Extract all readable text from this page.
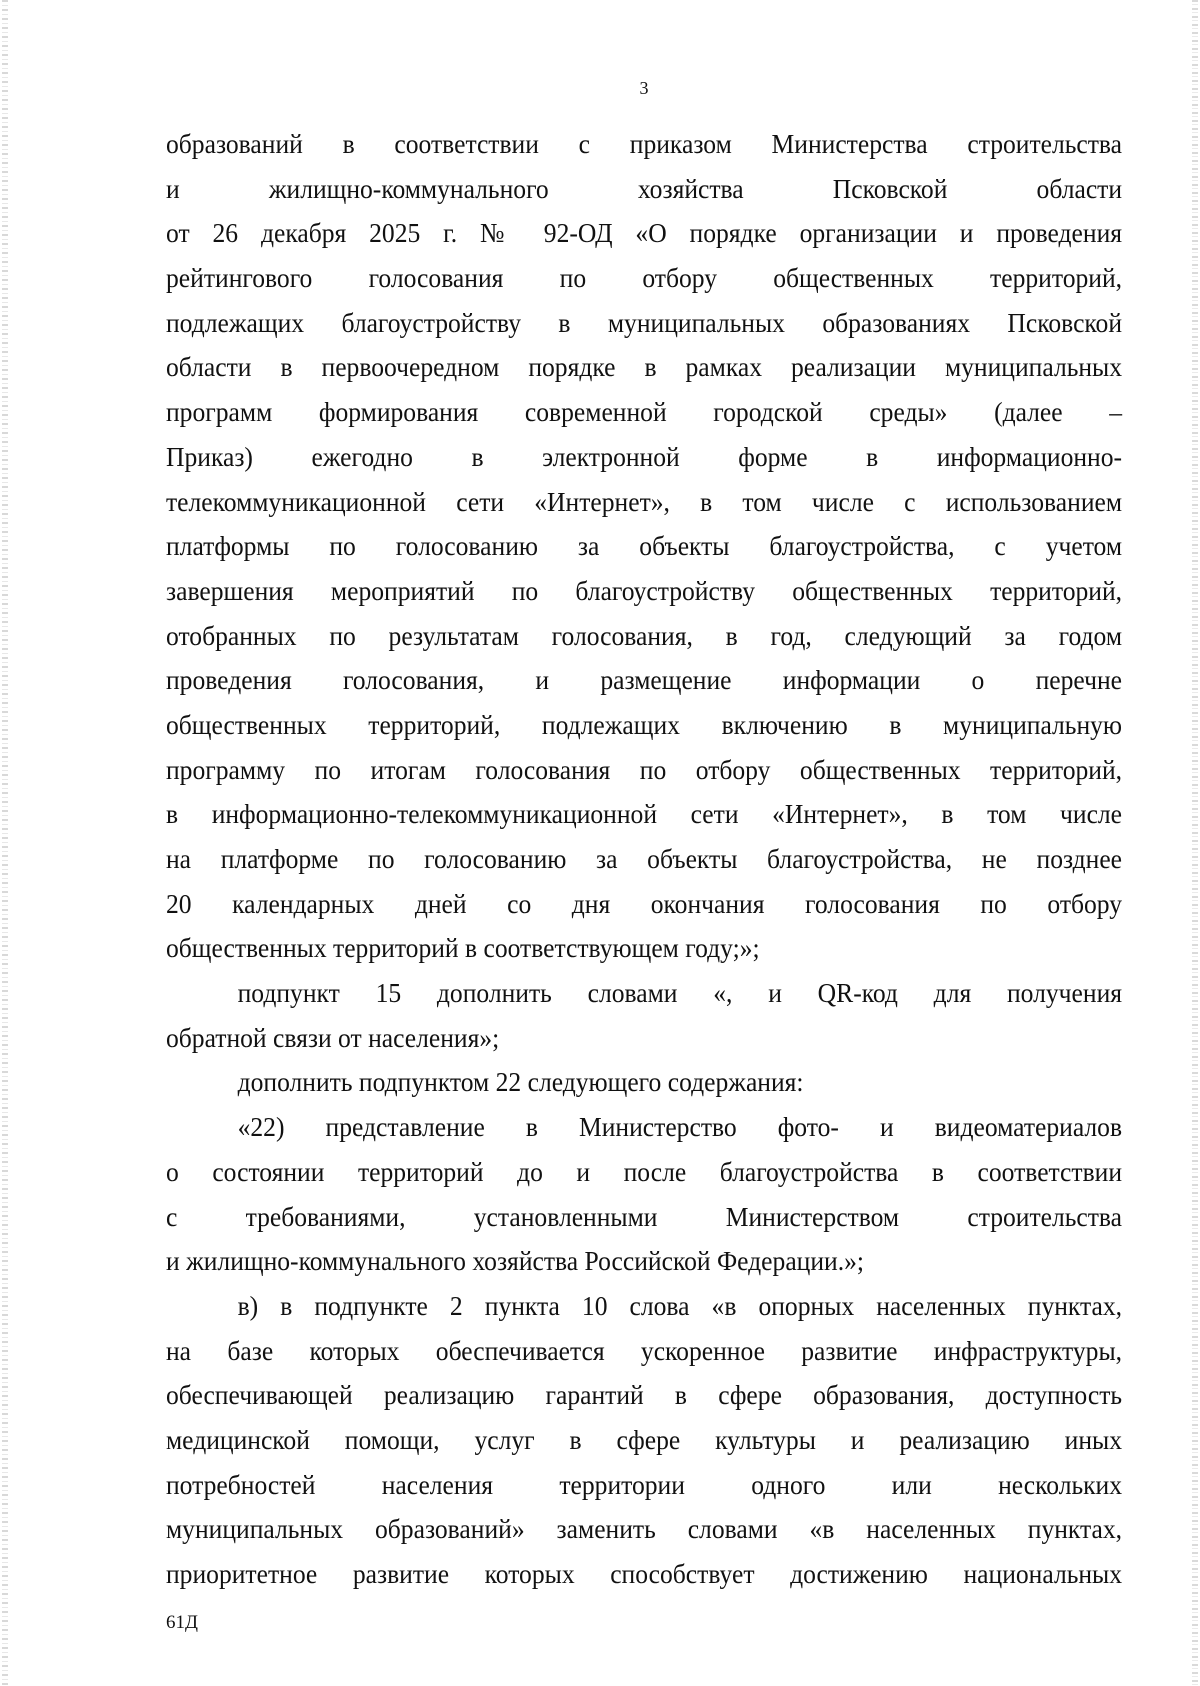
3
образований в соответствии с приказом Министерства строительства
и жилищно-коммунального хозяйства Псковской области
от 26 декабря 2025 г. № 92-ОД «О порядке организации и проведения
рейтингового голосования по отбору общественных территорий,
подлежащих благоустройству в муниципальных образованиях Псковской
области в первоочередном порядке в рамках реализации муниципальных
программ формирования современной городской среды» (далее –
Приказ) ежегодно в электронной форме в информационно-
телекоммуникационной сети «Интернет», в том числе с использованием
платформы по голосованию за объекты благоустройства, с учетом
завершения мероприятий по благоустройству общественных территорий,
отобранных по результатам голосования, в год, следующий за годом
проведения голосования, и размещение информации о перечне
общественных территорий, подлежащих включению в муниципальную
программу по итогам голосования по отбору общественных территорий,
в информационно-телекоммуникационной сети «Интернет», в том числе
на платформе по голосованию за объекты благоустройства, не позднее
20 календарных дней со дня окончания голосования по отбору
общественных территорий в соответствующем году;»;
подпункт 15 дополнить словами «, и QR-код для получения
обратной связи от населения»;
дополнить подпунктом 22 следующего содержания:
«22) представление в Министерство фото- и видеоматериалов
о состоянии территорий до и после благоустройства в соответствии
с требованиями, установленными Министерством строительства
и жилищно-коммунального хозяйства Российской Федерации.»;
в) в подпункте 2 пункта 10 слова «в опорных населенных пунктах,
на базе которых обеспечивается ускоренное развитие инфраструктуры,
обеспечивающей реализацию гарантий в сфере образования, доступность
медицинской помощи, услуг в сфере культуры и реализацию иных
потребностей населения территории одного или нескольких
муниципальных образований» заменить словами «в населенных пунктах,
приоритетное развитие которых способствует достижению национальных
61Д
